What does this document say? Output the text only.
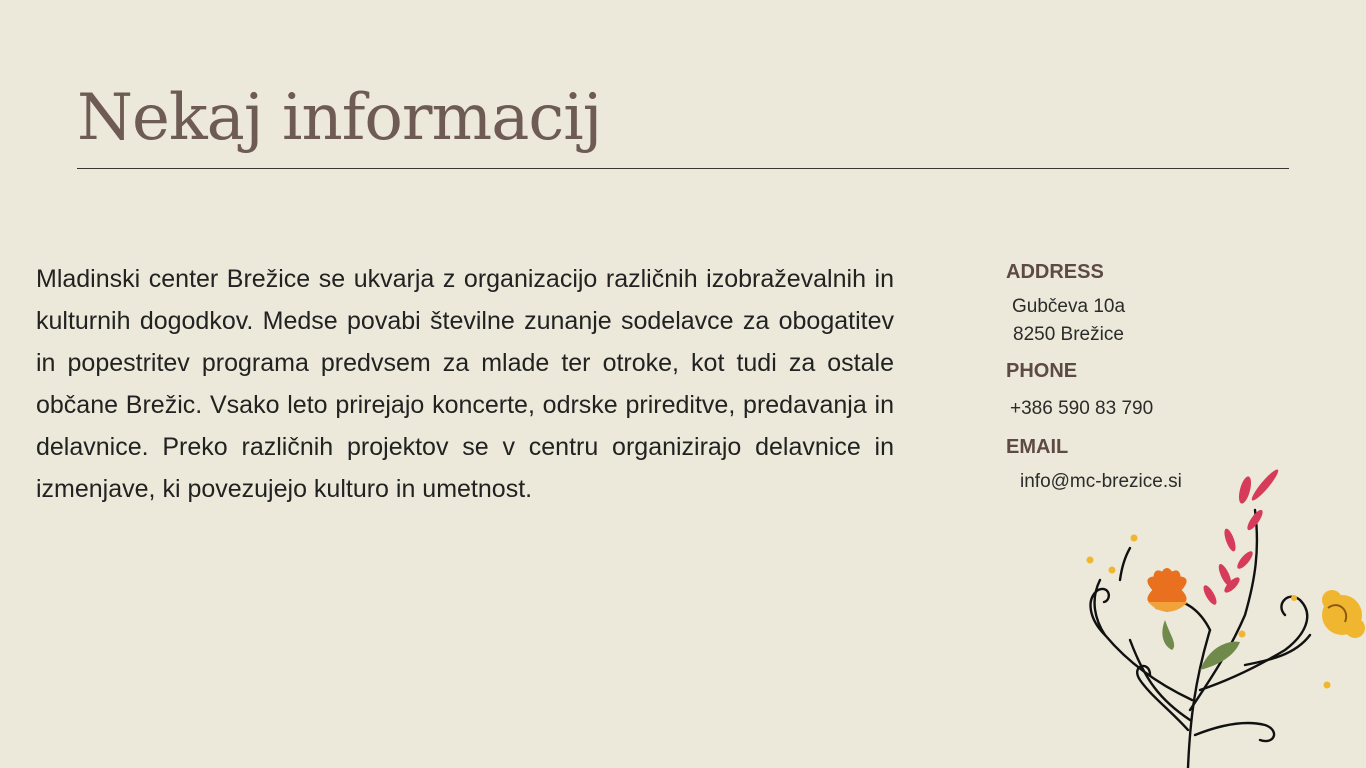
Nekaj informacij

Mladinski center Brežice se ukvarja z organizacijo različnih izobraževalnih in kulturnih dogodkov. Medse povabi številne zunanje sodelavce za obogatitev in popestritev programa predvsem za mlade ter otroke, kot tudi za ostale občane Brežic. Vsako leto prirejajo koncerte, odrske prireditve, predavanja in delavnice. Preko različnih projektov se v centru organizirajo delavnice in izmenjave, ki povezujejo kulturo in umetnost.

ADDRESS
Gubčeva 10a
8250 Brežice
PHONE
+386 590 83 790
EMAIL
info@mc-brezice.si
